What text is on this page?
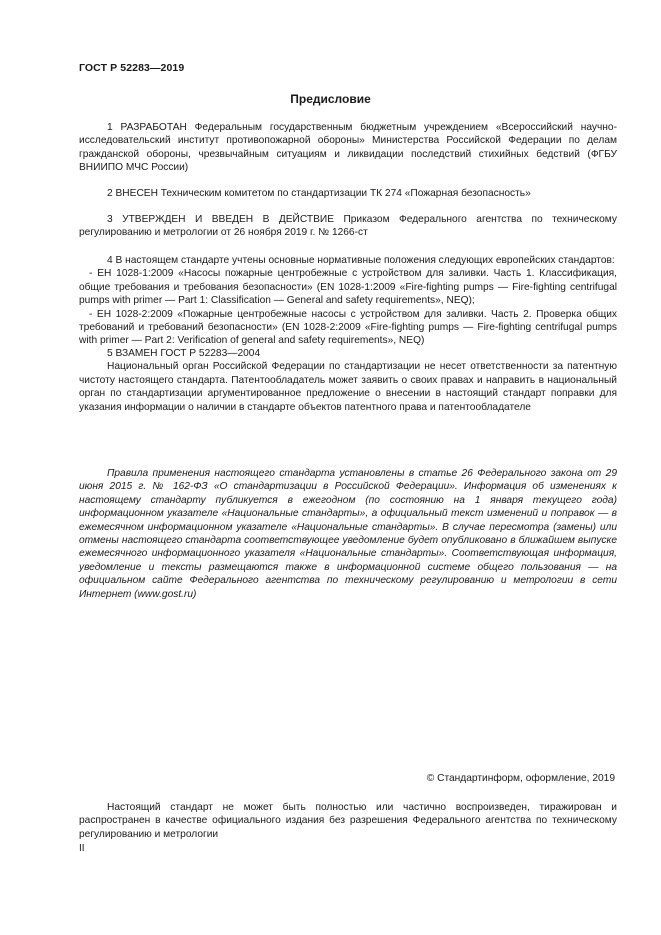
ГОСТ Р 52283—2019
Предисловие

1 РАЗРАБОТАН Федеральным государственным бюджетным учреждением «Всероссийский научно-исследовательский институт противопожарной обороны» Министерства Российской Федерации по делам гражданской обороны, чрезвычайным ситуациям и ликвидации последствий стихийных бедствий (ФГБУ ВНИИПО МЧС России)

2 ВНЕСЕН Техническим комитетом по стандартизации ТК 274 «Пожарная безопасность»

3 УТВЕРЖДЕН И ВВЕДЕН В ДЕЙСТВИЕ Приказом Федерального агентства по техническому регулированию и метрологии от 26 ноября 2019 г. № 1266-ст

4 В настоящем стандарте учтены основные нормативные положения следующих европейских стандартов:

- ЕН 1028-1:2009 «Насосы пожарные центробежные с устройством для заливки. Часть 1. Классификация, общие требования и требования безопасности» (EN 1028-1:2009 «Fire-fighting pumps — Fire-fighting centrifugal pumps with primer — Part 1: Classification — General and safety requirements», NEQ);

- ЕН 1028-2:2009 «Пожарные центробежные насосы с устройством для заливки. Часть 2. Проверка общих требований и требований безопасности» (EN 1028-2:2009 «Fire-fighting pumps — Fire-fighting centrifugal pumps with primer — Part 2: Verification of general and safety requirements», NEQ)

5 ВЗАМЕН ГОСТ Р 52283—2004

Национальный орган Российской Федерации по стандартизации не несет ответственности за патентную чистоту настоящего стандарта. Патентообладатель может заявить о своих правах и направить в национальный орган по стандартизации аргументированное предложение о внесении в настоящий стандарт поправки для указания информации о наличии в стандарте объектов патентного права и патентообладателе

Правила применения настоящего стандарта установлены в статье 26 Федерального закона от 29 июня 2015 г. № 162-ФЗ «О стандартизации в Российской Федерации». Информация об изменениях к настоящему стандарту публикуется в ежегодном (по состоянию на 1 января текущего года) информационном указателе «Национальные стандарты», а официальный текст изменений и поправок — в ежемесячном информационном указателе «Национальные стандарты». В случае пересмотра (замены) или отмены настоящего стандарта соответствующее уведомление будет опубликовано в ближайшем выпуске ежемесячного информационного указателя «Национальные стандарты». Соответствующая информация, уведомление и тексты размещаются также в информационной системе общего пользования — на официальном сайте Федерального агентства по техническому регулированию и метрологии в сети Интернет (www.gost.ru)

© Стандартинформ, оформление, 2019

Настоящий стандарт не может быть полностью или частично воспроизведен, тиражирован и распространен в качестве официального издания без разрешения Федерального агентства по техническому регулированию и метрологии

II
